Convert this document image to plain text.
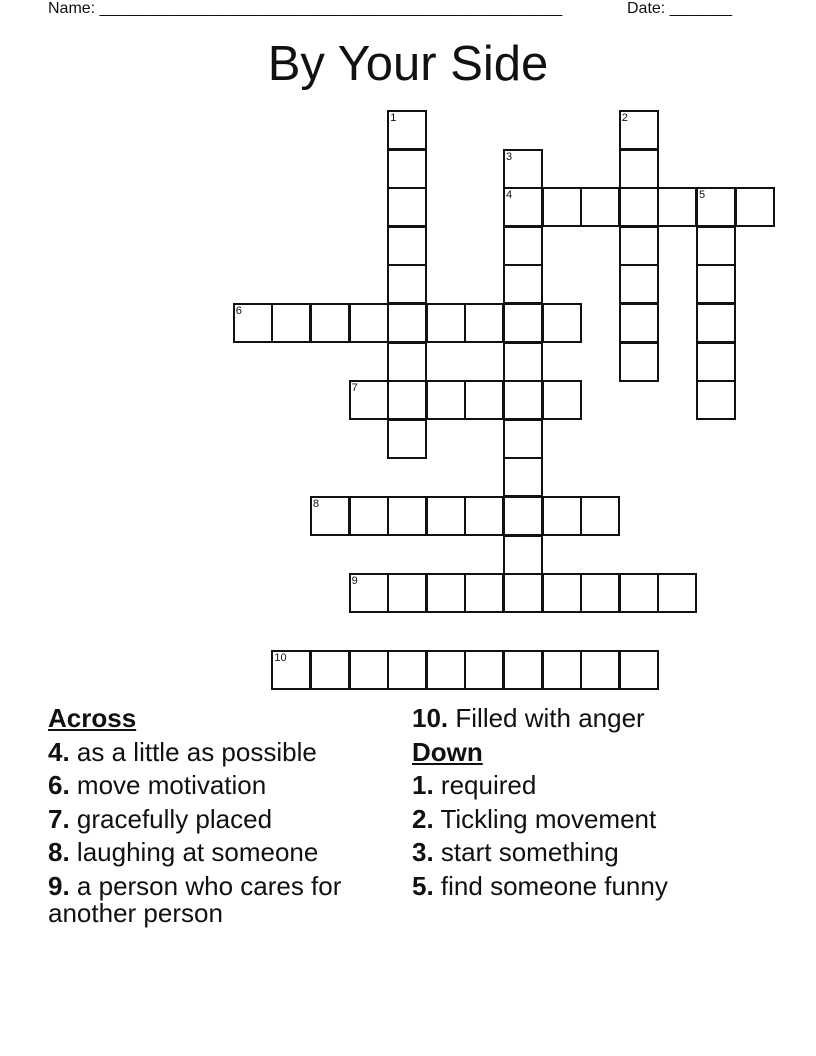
Name: ____________________________________________________	Date: _______
By Your Side
1	2
3
4	5
6
7
8
9
10
Across
4. as a little as possible
6. move motivation
7. gracefully placed
8. laughing at someone
9. a person who cares for another person
10. Filled with anger
Down
1. required
2. Tickling movement
3. start something
5. find someone funny
